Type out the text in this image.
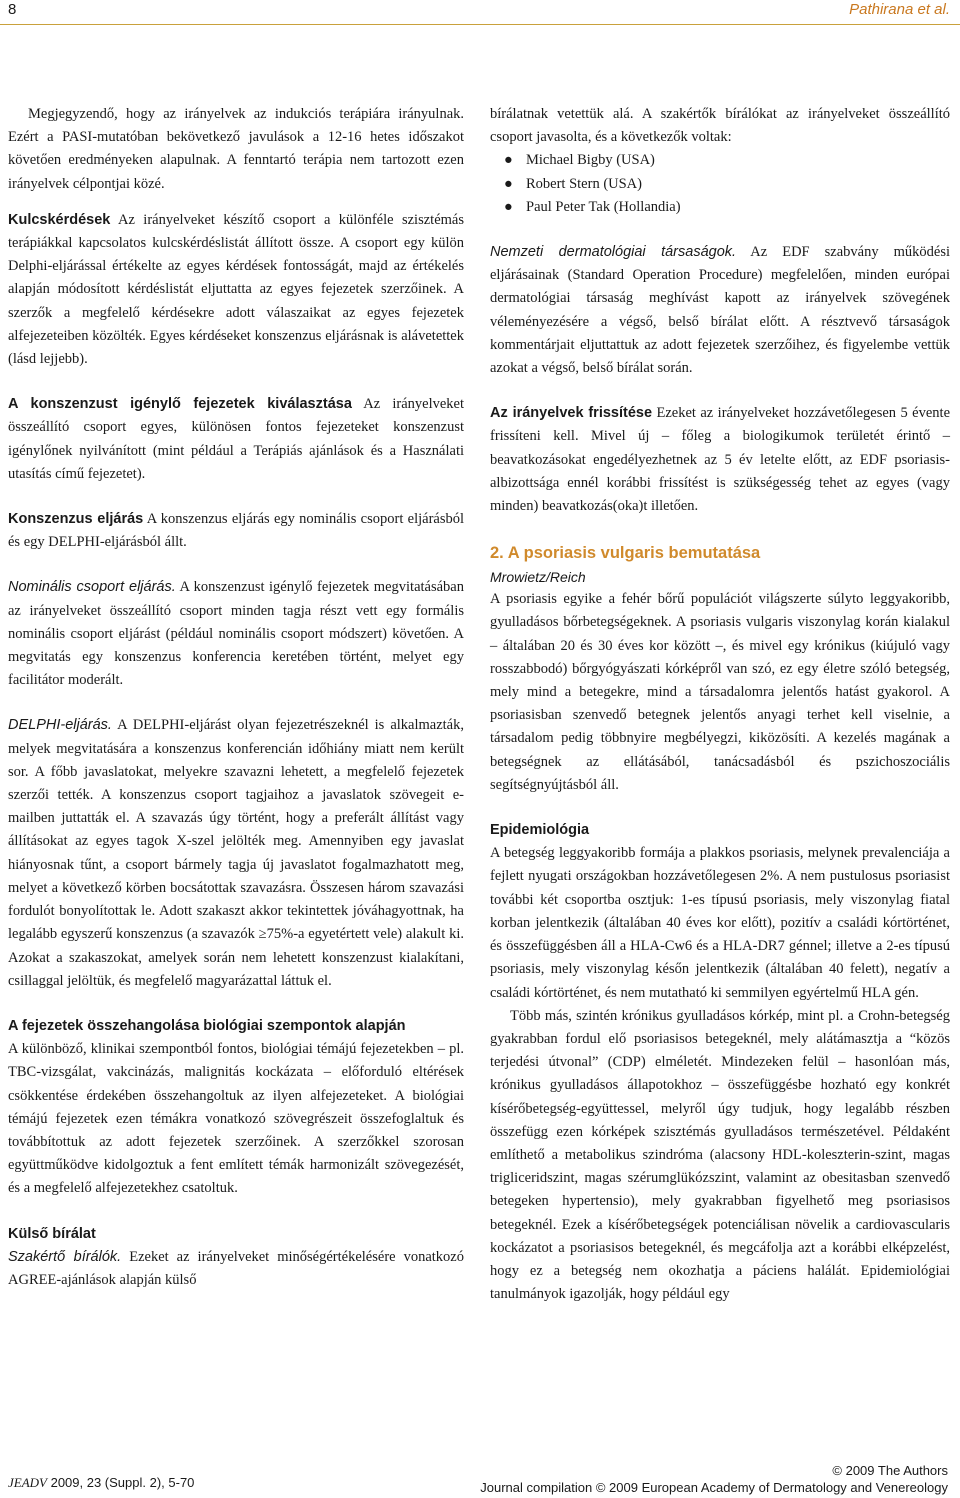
8	Pathirana et al.

Megjegyzendő, hogy az irányelvek az indukciós terápiára irányulnak. Ezért a PASI-mutatóban bekövetkező javulások a 12-16 hetes időszakot követően eredményeken alapulnak. A fenntartó terápia nem tartozott ezen irányelvek célpontjai közé.

Kulcskérdések Az irányelveket készítő csoport a különféle szisztémás terápiákkal kapcsolatos kulcskérdéslistát állított össze. A csoport egy külön Delphi-eljárással értékelte az egyes kérdések fontosságát, majd az értékelés alapján módosított kérdéslistát eljuttatta az egyes fejezetek szerzőinek. A szerzők a megfelelő kérdésekre adott válaszaikat az egyes fejezetek alfejezeteiben közölték. Egyes kérdéseket konszenzus eljárásnak is alávetettek (lásd lejjebb).

A konszenzust igénylő fejezetek kiválasztása Az irányelveket összeállító csoport egyes, különösen fontos fejezeteket konszenzust igénylőnek nyilvánított (mint például a Terápiás ajánlások és a Használati utasítás című fejezetet).

Konszenzus eljárás A konszenzus eljárás egy nominális csoport eljárásból és egy DELPHI-eljárásból állt.

Nominális csoport eljárás. A konszenzust igénylő fejezetek megvitatásában az irányelveket összeállító csoport minden tagja részt vett egy formális nominális csoport eljárást (például nominális csoport módszert) követően. A megvitatás egy konszenzus konferencia keretében történt, melyet egy facilitátor moderált.

DELPHI-eljárás. A DELPHI-eljárást olyan fejezetrészeknél is alkalmazták, melyek megvitatására a konszenzus konferencián időhiány miatt nem került sor. A főbb javaslatokat, melyekre szavazni lehetett, a megfelelő fejezetek szerzői tették. A konszenzus csoport tagjaihoz a javaslatok szövegeit e-mailben juttatták el. A szavazás úgy történt, hogy a preferált állítást vagy állításokat az egyes tagok X-szel jelölték meg. Amennyiben egy javaslat hiányosnak tűnt, a csoport bármely tagja új javaslatot fogalmazhatott meg, melyet a következő körben bocsátottak szavazásra. Összesen három szavazási fordulót bonyolítottak le. Adott szakaszt akkor tekintettek jóváhagyottnak, ha legalább egyszerű konszenzus (a szavazók ≥75%-a egyetértett vele) alakult ki. Azokat a szakaszokat, amelyek során nem lehetett konszenzust kialakítani, csillaggal jelöltük, és megfelelő magyarázattal láttuk el.

A fejezetek összehangolása biológiai szempontok alapján
A különböző, klinikai szempontból fontos, biológiai témájú fejezetekben – pl. TBC-vizsgálat, vakcinázás, malignitás kockázata – előforduló eltérések csökkentése érdekében összehangoltuk az ilyen alfejezeteket. A biológiai témájú fejezetek ezen témákra vonatkozó szövegrészeit összefoglaltuk és továbbítottuk az adott fejezetek szerzőinek. A szerzőkkel szorosan együttműködve kidolgoztuk a fent említett témák harmonizált szövegezését, és a megfelelő alfejezetekhez csatoltuk.

Külső bírálat
Szakértő bírálók. Ezeket az irányelveket minőségértékelésére vonatkozó AGREE-ajánlások alapján külső

bírálatnak vetettük alá. A szakértők bírálókat az irányelveket összeállító csoport javasolta, és a következők voltak:

● Michael Bigby (USA)
● Robert Stern (USA)
● Paul Peter Tak (Hollandia)

Nemzeti dermatológiai társaságok. Az EDF szabvány működési eljárásainak (Standard Operation Procedure) megfelelően, minden európai dermatológiai társaság meghívást kapott az irányelvek szövegének véleményezésére a végső, belső bírálat előtt. A résztvevő társaságok kommentárjait eljuttattuk az adott fejezetek szerzőihez, és figyelembe vettük azokat a végső, belső bírálat során.

Az irányelvek frissítése Ezeket az irányelveket hozzávetőlegesen 5 évente frissíteni kell. Mivel új – főleg a biologikumok területét érintő – beavatkozásokat engedélyezhetnek az 5 év letelte előtt, az EDF psoriasis-albizottsága ennél korábbi frissítést is szükségesség tehet az egyes (vagy minden) beavatkozás(oka)t illetően.

2. A psoriasis vulgaris bemutatása
Mrowietz/Reich

A psoriasis egyike a fehér bőrű populációt világszerte súlyto leggyakoribb, gyulladásos bőrbetegségeknek. A psoriasis vulgaris viszonylag korán kialakul – általában 20 és 30 éves kor között –, és mivel egy krónikus (kiújuló vagy rosszabbodó) bőrgyógyászati kórképről van szó, ez egy életre szóló betegség, mely mind a betegekre, mind a társadalomra jelentős hatást gyakorol. A psoriasisban szenvedő betegnek jelentős anyagi terhet kell viselnie, a társadalom pedig többnyire megbélyegzi, kiközösíti. A kezelés magának a betegségnek az ellátásából, tanácsadásból és pszichoszociális segítségnyújtásból áll.

Epidemiológia

A betegség leggyakoribb formája a plakkos psoriasis, melynek prevalenciája a fejlett nyugati országokban hozzávetőlegesen 2%. A nem pustulosus psoriasist további két csoportba osztjuk: 1-es típusú psoriasis, mely viszonylag fiatal korban jelentkezik (általában 40 éves kor előtt), pozitív a családi kórtörténet, és összefüggésben áll a HLA-Cw6 és a HLA-DR7 génnel; illetve a 2-es típusú psoriasis, mely viszonylag későn jelentkezik (általában 40 felett), negatív a családi kórtörténet, és nem mutatható ki semmilyen egyértelmű HLA gén.

Több más, szintén krónikus gyulladásos kórkép, mint pl. a Crohn-betegség gyakrabban fordul elő psoriasisos betegeknél, mely alátámasztja a “közös terjedési útvonal” (CDP) elméletét. Mindezeken felül – hasonlóan más, krónikus gyulladásos állapotokhoz – összefüggésbe hozható egy konkrét kísérőbetegség-együttessel, melyről úgy tudjuk, hogy legalább részben összefügg ezen kórképek szisztémás gyulladásos természetével. Példaként említhető a metabolikus szindróma (alacsony HDL-koleszterin-szint, magas trigliceridszint, magas szérumglükózszint, valamint az obesitasban szenvedő betegeken hypertensio), mely gyakrabban figyelhető meg psoriasisos betegeknél. Ezek a kísérőbetegségek potenciálisan növelik a cardiovascularis kockázatot a psoriasisos betegeknél, és megcáfolja azt a korábbi elképzelést, hogy ez a betegség nem okozhatja a páciens halálát. Epidemiológiai tanulmányok igazolják, hogy például egy

JEADV 2009, 23 (Suppl. 2), 5-70
© 2009 The Authors
Journal compilation © 2009 European Academy of Dermatology and Venereology
